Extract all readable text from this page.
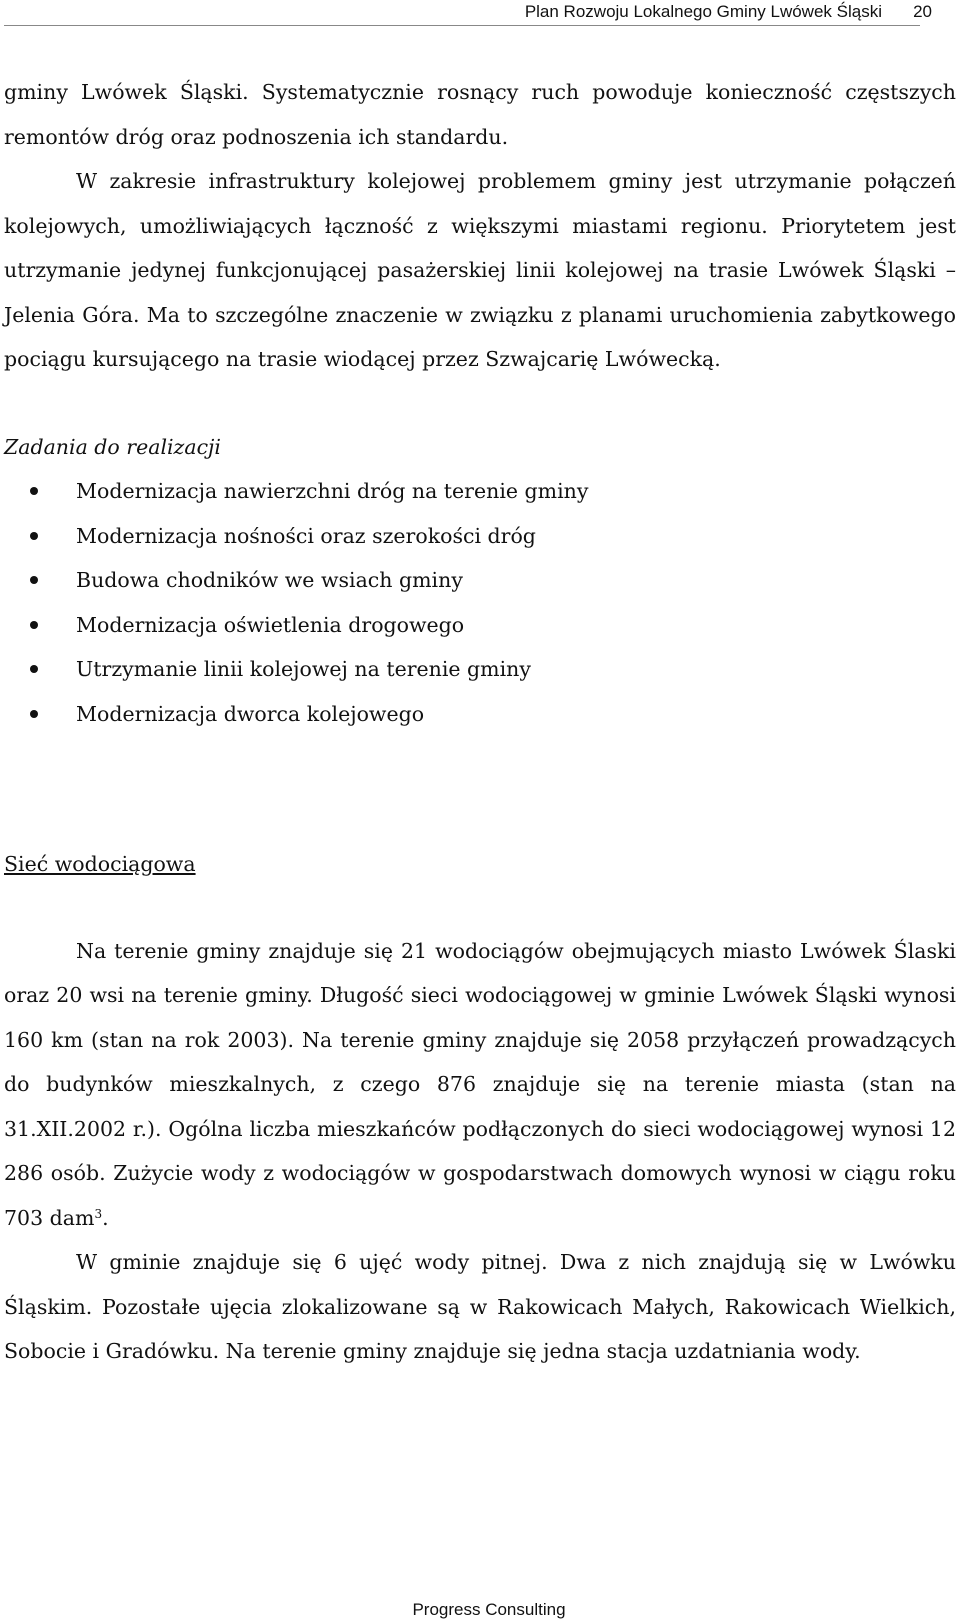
Plan Rozwoju Lokalnego Gminy Lwówek Śląski 20

gminy Lwówek Śląski. Systematycznie rosnący ruch powoduje konieczność częstszych remontów dróg oraz podnoszenia ich standardu.

W zakresie infrastruktury kolejowej problemem gminy jest utrzymanie połączeń kolejowych, umożliwiających łączność z większymi miastami regionu. Priorytetem jest utrzymanie jedynej funkcjonującej pasażerskiej linii kolejowej na trasie Lwówek Śląski – Jelenia Góra. Ma to szczególne znaczenie w związku z planami uruchomienia zabytkowego pociągu kursującego na trasie wiodącej przez Szwajcarię Lwówecką.

Zadania do realizacji

Modernizacja nawierzchni dróg na terenie gminy
Modernizacja nośności oraz szerokości dróg
Budowa chodników we wsiach gminy
Modernizacja oświetlenia drogowego
Utrzymanie linii kolejowej na terenie gminy
Modernizacja dworca kolejowego

Sieć wodociągowa

Na terenie gminy znajduje się 21 wodociągów obejmujących miasto Lwówek Ślaski oraz 20 wsi na terenie gminy. Długość sieci wodociągowej w gminie Lwówek Śląski wynosi 160 km (stan na rok 2003). Na terenie gminy znajduje się 2058 przyłączeń prowadzących do budynków mieszkalnych, z czego 876 znajduje się na terenie miasta (stan na 31.XII.2002 r.). Ogólna liczba mieszkańców podłączonych do sieci wodociągowej wynosi 12 286 osób. Zużycie wody z wodociągów w gospodarstwach domowych wynosi w ciągu roku 703 dam$^3$.

W gminie znajduje się 6 ujęć wody pitnej. Dwa z nich znajdują się w Lwówku Śląskim. Pozostałe ujęcia zlokalizowane są w Rakowicach Małych, Rakowicach Wielkich, Sobocie i Gradówku. Na terenie gminy znajduje się jedna stacja uzdatniania wody.

Progress Consulting
